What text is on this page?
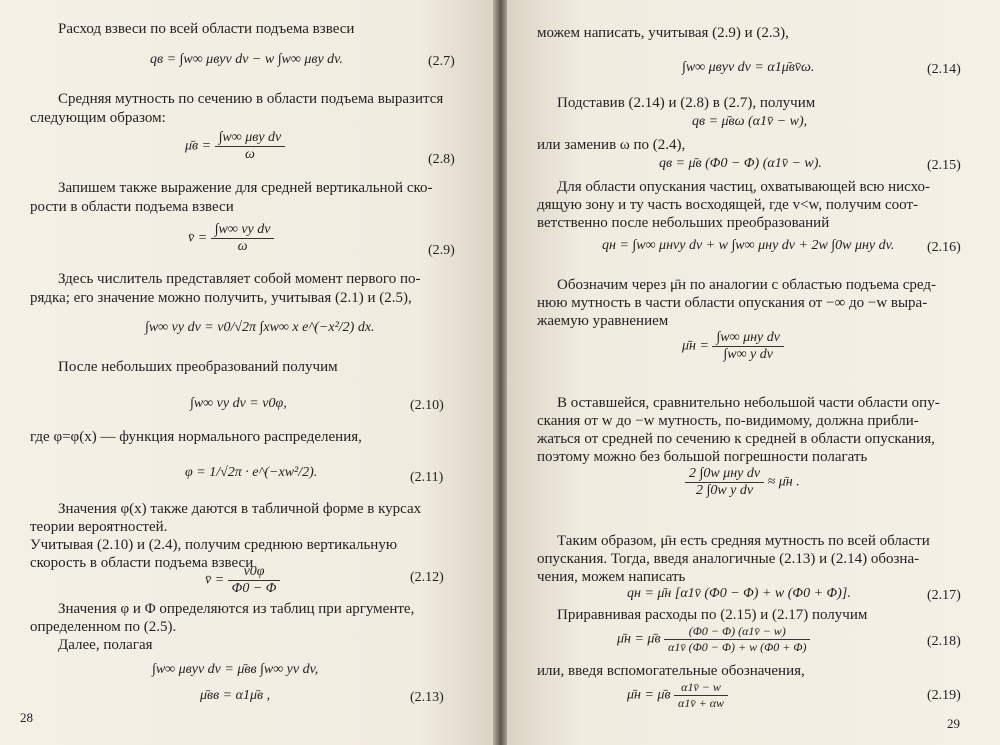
Расход взвеси по всей области подъема взвеси
qв = ∫w∞ μвyv dv − w ∫w∞ μвy dv.	(2.7)
Средняя мутность по сечению в области подъема выразится
следующим образом:
μ̄в = $\frac{\text{∫w∞ μвy dv}}{\omega}$	(2.8)
Запишем также выражение для средней вертикальной ско-
рости в области подъема взвеси
v̄ = $\frac{\text{∫w∞ vy dv}}{\omega}$	(2.9)
Здесь числитель представляет собой момент первого по-
рядка; его значение можно получить, учитывая (2.1) и (2.5),
∫w∞ vy dv = v0/√2π ∫xw∞ x e^(−x²/2) dx.
После небольших преобразований получим
∫w∞ vy dv = v0φ,	(2.10)
где φ=φ(x) — функция нормального распределения,
φ = 1/√2π · e^(−xw²/2).	(2.11)
Значения φ(x) также даются в табличной форме в курсах
теории вероятностей.
Учитывая (2.10) и (2.4), получим среднюю вертикальную
скорость в области подъема взвеси
v̄ = $\frac{v0\varphi}{\Phi 0 - \Phi}$	(2.12)
Значения φ и Φ определяются из таблиц при аргументе,
определенном по (2.5).
Далее, полагая
∫w∞ μвyv dv = μ̄вв ∫w∞ yv dv,
μ̄вв = α1μ̄в ,	(2.13)
28
можем написать, учитывая (2.9) и (2.3),
∫w∞ μвyv dv = α1μ̄вv̄ω.	(2.14)
Подставив (2.14) и (2.8) в (2.7), получим
qв = μ̄вω (α1v̄ − w),
или заменив ω по (2.4),
qв = μ̄в (Φ0 − Φ) (α1v̄ − w).	(2.15)
Для области опускания частиц, охватывающей всю нисхо-
дящую зону и ту часть восходящей, где v<w, получим соот-
ветственно после небольших преобразований
qн = ∫w∞ μнvy dv + w ∫w∞ μнy dv + 2w ∫0w μнy dv. (2.16)
Обозначим через μ̄н по аналогии с областью подъема сред-
нюю мутность в части области опускания от −∞ до −w выра-
жаемую уравнением
μ̄н = $\frac{\text{∫w∞ μнy dv}}{\text{∫w∞ y dv}}$
В оставшейся, сравнительно небольшой части области опу-
скания от w до −w мутность, по-видимому, должна прибли-
жаться от средней по сечению к средней в области опускания,
поэтому можно без большой погрешности полагать
$\frac{\text{2 ∫0w μнy dv}}{\text{2 ∫0w y dv}}$ ≈ μ̄н .
Таким образом, μ̄н есть средняя мутность по всей области
опускания. Тогда, введя аналогичные (2.13) и (2.14) обозна-
чения, можем написать
qн = μ̄н [α1v̄ (Φ0 − Φ) + w (Φ0 + Φ)].	(2.17)
Приравнивая расходы по (2.15) и (2.17) получим
μ̄н = μ̄в $\frac{(\Phi 0 - \Phi) (\alpha 1v̄ - w)}{\alpha 1v̄ (\Phi 0 - \Phi) + w (\Phi 0 + \Phi)}$	(2.18)
или, введя вспомогательные обозначения,
μ̄н = μ̄в $\frac{\alpha 1v̄ - w}{\alpha 1v̄ + \alpha w}$	(2.19)
29
